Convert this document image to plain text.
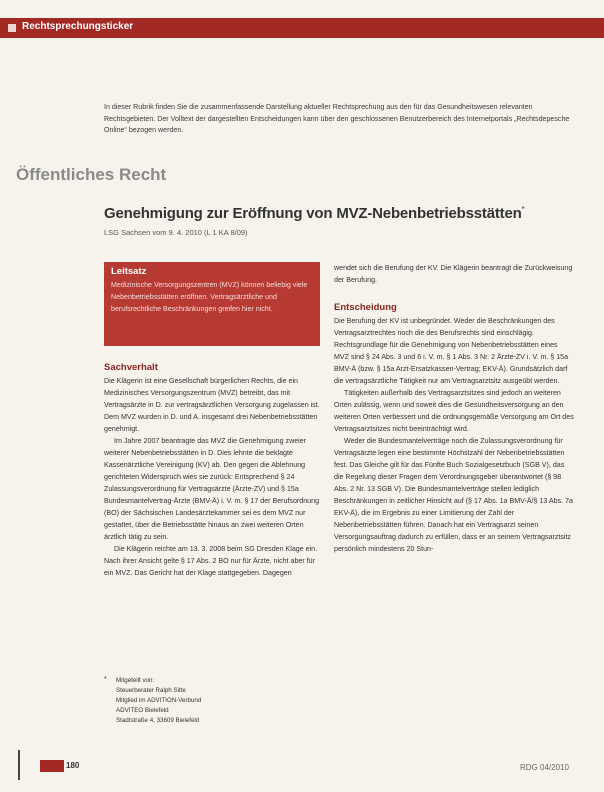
Rechtsprechungsticker
In dieser Rubrik finden Sie die zusammenfassende Darstellung aktueller Rechtsprechung aus den für das Gesundheitswesen relevanten Rechtsgebieten. Der Volltext der dargestellten Entscheidungen kann über den geschlossenen Benutzerbereich des Internetportals „Rechtsdepesche Online“ bezogen werden.
Öffentliches Recht
Genehmigung zur Eröffnung von MVZ-Nebenbetriebsstätten*
LSG Sachsen vom 9. 4. 2010 (L 1 KA 8/09)
Leitsatz
Medizinische Versorgungszentren (MVZ) können beliebig viele Nebenbetriebsstätten eröffnen. Vertragsärztliche und berufsrechtliche Beschränkungen greifen hier nicht.
Sachverhalt

Die Klägerin ist eine Gesellschaft bürgerlichen Rechts, die ein Medizinisches Versorgungszentrum (MVZ) betreibt, das mit Vertragsärzte in D. zur vertragsärztlichen Versorgung zugelassen ist. Dem MVZ wurden in D. und A. insgesamt drei Nebenbetriebsstätten genehmigt.

Im Jahre 2007 beantragte das MVZ die Genehmigung zweier weiterer Nebenbetriebsstätten in D. Dies lehnte die beklagte Kassenärztliche Vereinigung (KV) ab. Den gegen die Ablehnung gerichteten Widerspruch wies sie zurück: Entsprechend § 24 Zulassungsverordnung für Vertragsärzte (Ärzte-ZV) und § 15a Bundesmantelvertrag-Ärzte (BMV-Ä) i. V. m. § 17 der Berufsordnung (BO) der Sächsischen Landesärztekammer sei es dem MVZ nur gestattet, über die Betriebsstätte hinaus an zwei weiteren Orten ärztlich tätig zu sein.

Die Klägerin reichte am 13. 3. 2008 beim SG Dresden Klage ein. Nach ihrer Ansicht gelte § 17 Abs. 2 BO nur für Ärzte, nicht aber für ein MVZ. Das Gericht hat der Klage stattgegeben. Dagegen

* Mitgeteilt von:
Steuerberater Ralph Sitte
Mitglied im ADVITION-Verbund
ADVITEO Bielefeld
Stadtstraße 4, 33609 Bielefeld

wendet sich die Berufung der KV. Die Klägerin beantragt die Zurückweisung der Berufung.

Entscheidung

Die Berufung der KV ist unbegründet. Weder die Beschränkungen des Vertragsarztrechtes noch die des Berufsrechts sind einschlägig. Rechtsgrundlage für die Genehmigung von Nebenbetriebsstätten eines MVZ sind § 24 Abs. 3 und 6 i. V. m. § 1 Abs. 3 Nr. 2 Ärzte-ZV i. V. m. § 15a BMV-Ä (bzw. § 15a Arzt-Ersatzkassen-Vertrag; EKV-Ä). Grundsätzlich darf die vertragsärztliche Tätigkeit nur am Vertragsarztsitz ausgeübt werden.

Tätigkeiten außerhalb des Vertragsarztsitzes sind jedoch an weiteren Orten zulässig, wenn und soweit dies die Gesundheitsversorgung an den weiteren Orten verbessert und die ordnungsgemäße Versorgung am Ort des Vertragsarztsitzes nicht beeinträchtigt wird.

Weder die Bundesmantelverträge noch die Zulassungsverordnung für Vertragsärzte legen eine bestimmte Höchstzahl der Nebenbetriebsstätten fest. Das Gleiche gilt für das Fünfte Buch Sozialgesetzbuch (SGB V), das die Regelung dieser Fragen dem Verordnungsgeber überantwortet (§ 98 Abs. 2 Nr. 13 SGB V). Die Bundesmantelverträge stellen lediglich Beschränkungen in zeitlicher Hinsicht auf (§ 17 Abs. 1a BMV-Ä/§ 13 Abs. 7a EKV-Ä), die im Ergebnis zu einer Limitierung der Zahl der Nebenbetriebsstätten führen. Danach hat ein Vertragsarzt seinen Versorgungsauftrag dadurch zu erfüllen, dass er an seinem Vertragsarztsitz persönlich mindestens 20 Stun-

180	RDG 04/2010
